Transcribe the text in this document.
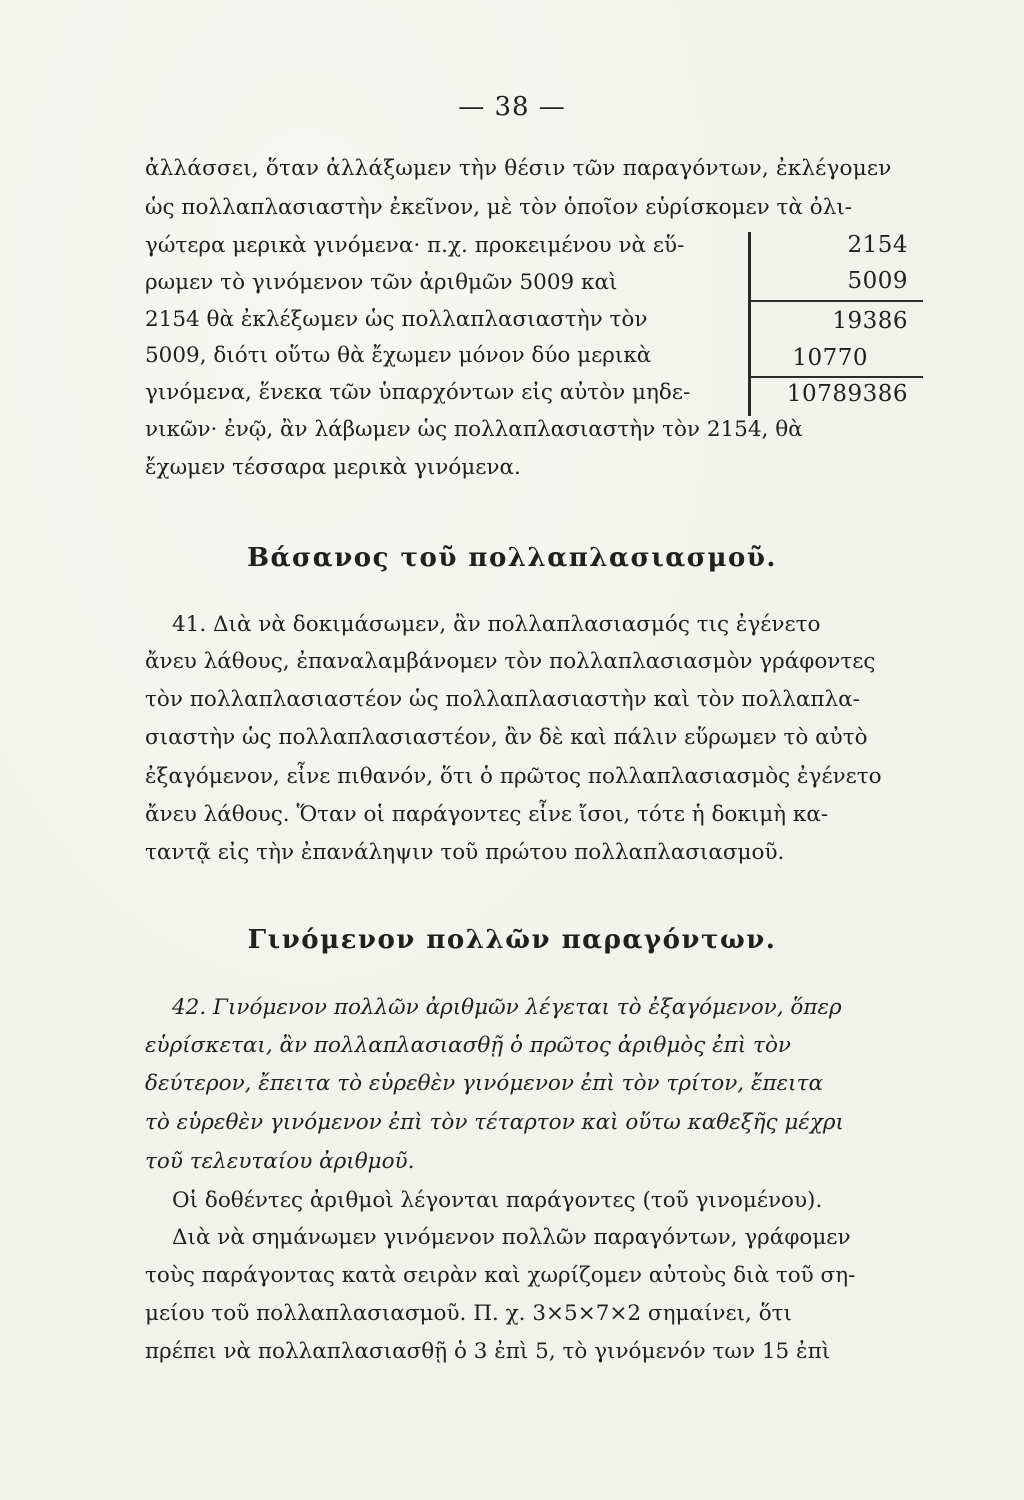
— 38 —
ἀλλάσσει, ὅταν ἀλλάξωμεν τὴν θέσιν τῶν παραγόντων, ἐκλέγομεν
ὡς πολλαπλασιαστὴν ἐκεῖνον, μὲ τὸν ὁποῖον εὑρίσκομεν τὰ ὀλι-
γώτερα μερικὰ γινόμενα· π.χ. προκειμένου νὰ εὕ-
ρωμεν τὸ γινόμενον τῶν ἀριθμῶν 5009 καὶ
2154 θὰ ἐκλέξωμεν ὡς πολλαπλασιαστὴν τὸν
5009, διότι οὕτω θὰ ἔχωμεν μόνον δύο μερικὰ
γινόμενα, ἕνεκα τῶν ὑπαρχόντων εἰς αὐτὸν μηδε-
νικῶν· ἐνῷ, ἂν λάβωμεν ὡς πολλαπλασιαστὴν τὸν 2154, θὰ
ἔχωμεν τέσσαρα μερικὰ γινόμενα.
2154
5009
19386
10770
10789386
Βάσανος τοῦ πολλαπλασιασμοῦ.
41. Διὰ νὰ δοκιμάσωμεν, ἂν πολλαπλασιασμός τις ἐγένετο
ἄνευ λάθους, ἐπαναλαμβάνομεν τὸν πολλαπλασιασμὸν γράφοντες
τὸν πολλαπλασιαστέον ὡς πολλαπλασιαστὴν καὶ τὸν πολλαπλα-
σιαστὴν ὡς πολλαπλασιαστέον, ἂν δὲ καὶ πάλιν εὕρωμεν τὸ αὐτὸ
ἐξαγόμενον, εἶνε πιθανόν, ὅτι ὁ πρῶτος πολλαπλασιασμὸς ἐγένετο
ἄνευ λάθους. Ὅταν οἱ παράγοντες εἶνε ἴσοι, τότε ἡ δοκιμὴ κα-
ταντᾷ εἰς τὴν ἐπανάληψιν τοῦ πρώτου πολλαπλασιασμοῦ.
Γινόμενον πολλῶν παραγόντων.
42. Γινόμενον πολλῶν ἀριθμῶν λέγεται τὸ ἐξαγόμενον, ὅπερ
εὑρίσκεται, ἂν πολλαπλασιασθῇ ὁ πρῶτος ἀριθμὸς ἐπὶ τὸν
δεύτερον, ἔπειτα τὸ εὑρεθὲν γινόμενον ἐπὶ τὸν τρίτον, ἔπειτα
τὸ εὑρεθὲν γινόμενον ἐπὶ τὸν τέταρτον καὶ οὕτω καθεξῆς μέχρι
τοῦ τελευταίου ἀριθμοῦ.
Οἱ δοθέντες ἀριθμοὶ λέγονται παράγοντες (τοῦ γινομένου).
Διὰ νὰ σημάνωμεν γινόμενον πολλῶν παραγόντων, γράφομεν
τοὺς παράγοντας κατὰ σειρὰν καὶ χωρίζομεν αὐτοὺς διὰ τοῦ ση-
μείου τοῦ πολλαπλασιασμοῦ. Π. χ. 3×5×7×2 σημαίνει, ὅτι
πρέπει νὰ πολλαπλασιασθῇ ὁ 3 ἐπὶ 5, τὸ γινόμενόν των 15 ἐπὶ
